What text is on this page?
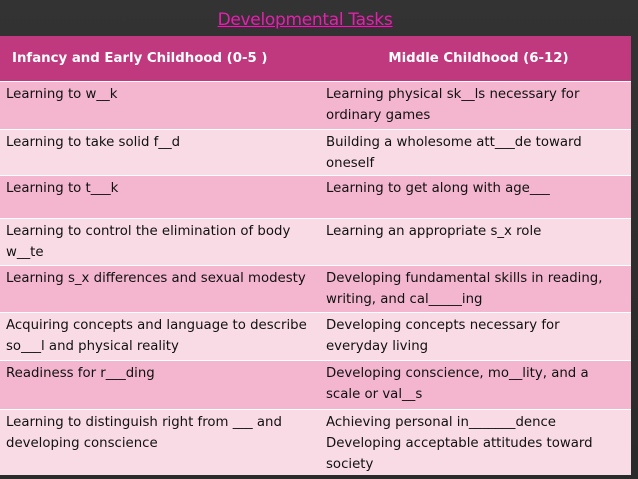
Developmental Tasks
Infancy and Early Childhood (0-5 )	Middle Childhood (6-12)
Learning to w__k	Learning physical sk__ls necessary for ordinary games
Learning to take solid f__d	Building a wholesome att___de toward oneself
Learning to t___k	Learning to get along with age___
Learning to control the elimination of body w__te	Learning an appropriate s_x role
Learning s_x differences and sexual modesty	Developing fundamental skills in reading, writing, and cal_____ing
Acquiring concepts and language to describe so___l and physical reality	Developing concepts necessary for everyday living
Readiness for r___ding	Developing conscience, mo__lity, and a scale or val__s
Learning to distinguish right from ___ and developing conscience	Achieving personal in_______dence Developing acceptable attitudes toward society
